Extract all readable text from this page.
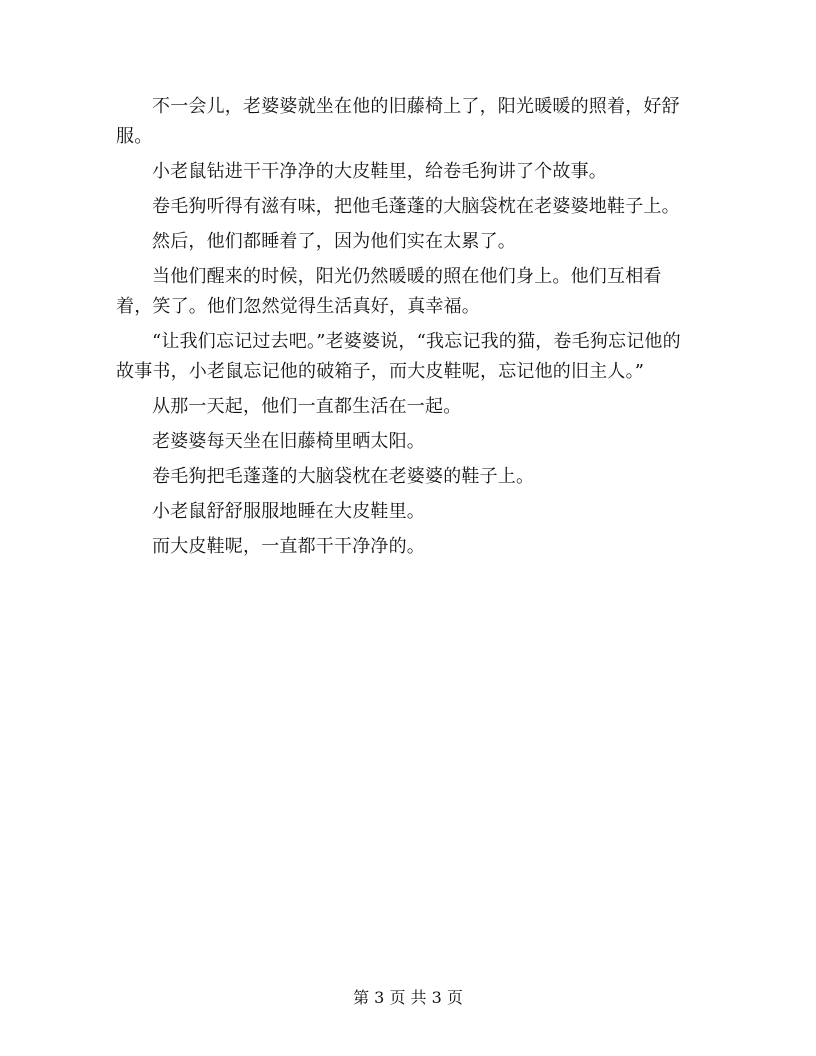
不一会儿，老婆婆就坐在他的旧藤椅上了，阳光暖暖的照着，好舒服。

小老鼠钻进干干净净的大皮鞋里，给卷毛狗讲了个故事。

卷毛狗听得有滋有味，把他毛蓬蓬的大脑袋枕在老婆婆地鞋子上。

然后，他们都睡着了，因为他们实在太累了。

当他们醒来的时候，阳光仍然暖暖的照在他们身上。他们互相看着，笑了。他们忽然觉得生活真好，真幸福。

“让我们忘记过去吧。”老婆婆说，“我忘记我的猫，卷毛狗忘记他的故事书，小老鼠忘记他的破箱子，而大皮鞋呢，忘记他的旧主人。”

从那一天起，他们一直都生活在一起。

老婆婆每天坐在旧藤椅里晒太阳。

卷毛狗把毛蓬蓬的大脑袋枕在老婆婆的鞋子上。

小老鼠舒舒服服地睡在大皮鞋里。

而大皮鞋呢，一直都干干净净的。

第 3 页 共 3 页
